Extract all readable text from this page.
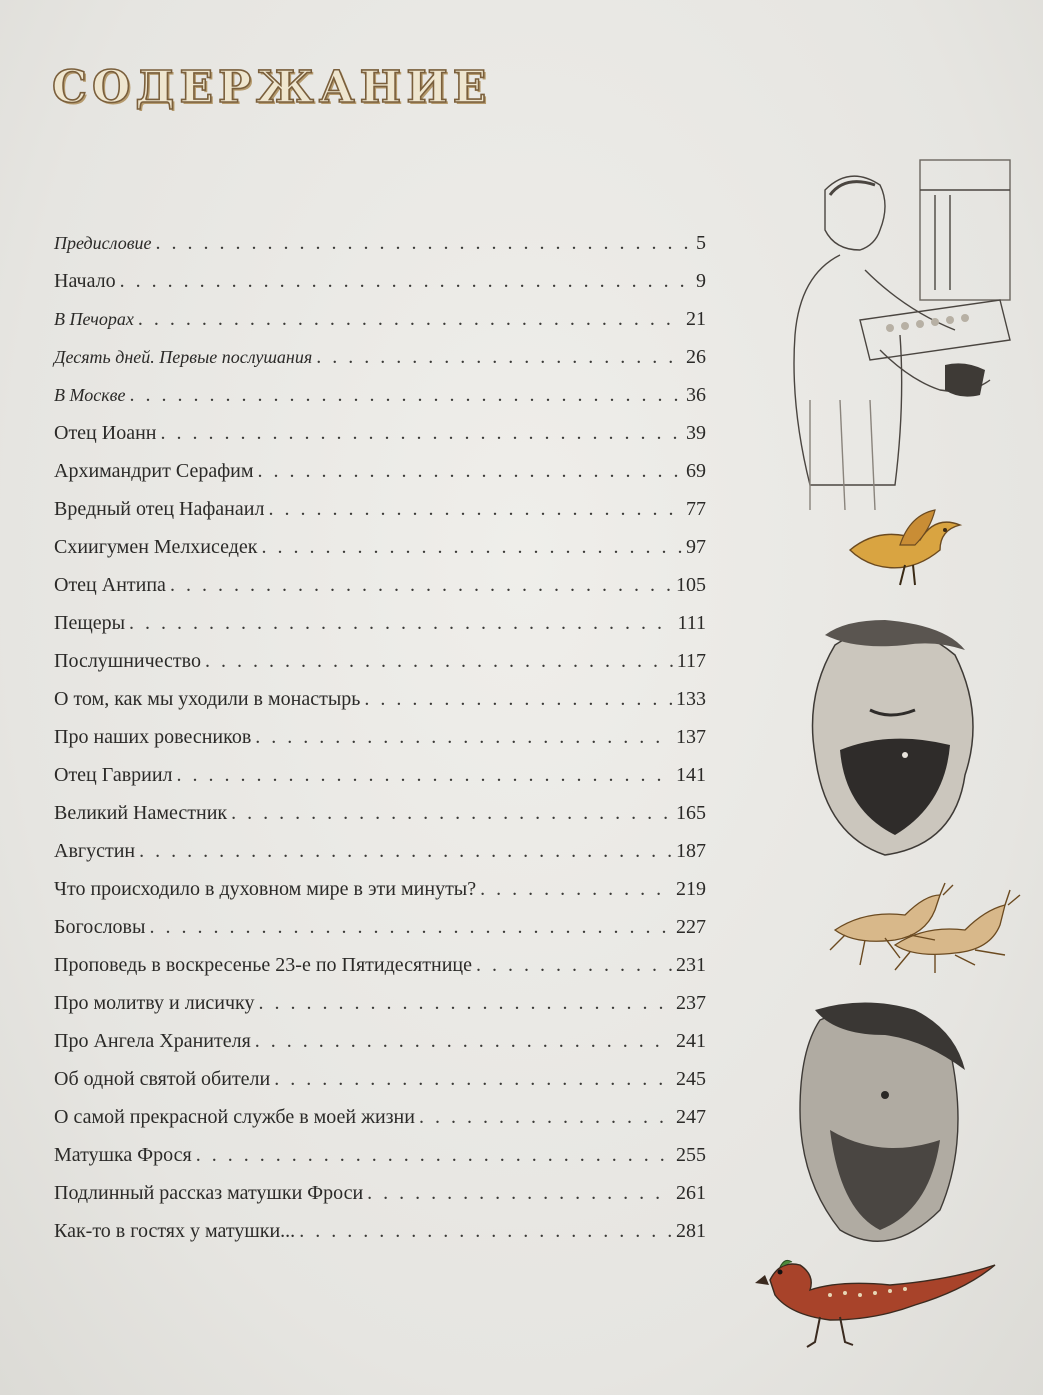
СОДЕРЖАНИЕ
Предисловие . . .	5
Начало . . .	9
В Печорах . . .	21
Десять дней. Первые послушания . . .	26
В Москве . . .	36
Отец Иоанн . . .	39
Архимандрит Серафим . . .	69
Вредный отец Нафанаил . . .	77
Схиигумен Мелхиседек . . .	97
Отец Антипа . . .	105
Пещеры . . .	111
Послушничество . . .	117
О том, как мы уходили в монастырь . . .	133
Про наших ровесников . . .	137
Отец Гавриил . . .	141
Великий Наместник . . .	165
Августин . . .	187
Что происходило в духовном мире в эти минуты? . . .	219
Богословы . . .	227
Проповедь в воскресенье 23-е по Пятидесятнице . . .	231
Про молитву и лисичку . . .	237
Про Ангела Хранителя . . .	241
Об одной святой обители . . .	245
О самой прекрасной службе в моей жизни . . .	247
Матушка Фрося . . .	255
Подлинный рассказ матушки Фроси . . .	261
Как-то в гостях у матушки... . . .	281
